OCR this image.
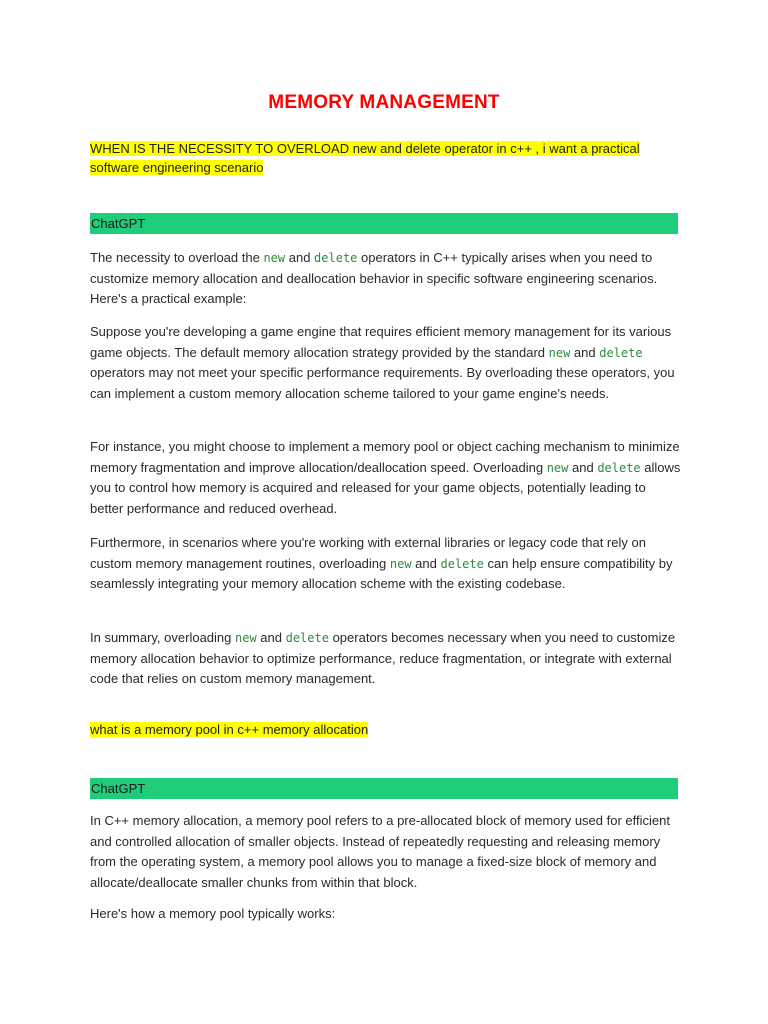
MEMORY MANAGEMENT
WHEN IS THE NECESSITY TO OVERLOAD new and delete operator in c++ , i want a practical software engineering scenario
ChatGPT

The necessity to overload the new and delete operators in C++ typically arises when you need to customize memory allocation and deallocation behavior in specific software engineering scenarios. Here's a practical example:

Suppose you're developing a game engine that requires efficient memory management for its various game objects. The default memory allocation strategy provided by the standard new and delete operators may not meet your specific performance requirements. By overloading these operators, you can implement a custom memory allocation scheme tailored to your game engine's needs.

For instance, you might choose to implement a memory pool or object caching mechanism to minimize memory fragmentation and improve allocation/deallocation speed. Overloading new and delete allows you to control how memory is acquired and released for your game objects, potentially leading to better performance and reduced overhead.

Furthermore, in scenarios where you're working with external libraries or legacy code that rely on custom memory management routines, overloading new and delete can help ensure compatibility by seamlessly integrating your memory allocation scheme with the existing codebase.

In summary, overloading new and delete operators becomes necessary when you need to customize memory allocation behavior to optimize performance, reduce fragmentation, or integrate with external code that relies on custom memory management.

what is a memory pool in c++ memory allocation
ChatGPT

In C++ memory allocation, a memory pool refers to a pre-allocated block of memory used for efficient and controlled allocation of smaller objects. Instead of repeatedly requesting and releasing memory from the operating system, a memory pool allows you to manage a fixed-size block of memory and allocate/deallocate smaller chunks from within that block.

Here's how a memory pool typically works:
